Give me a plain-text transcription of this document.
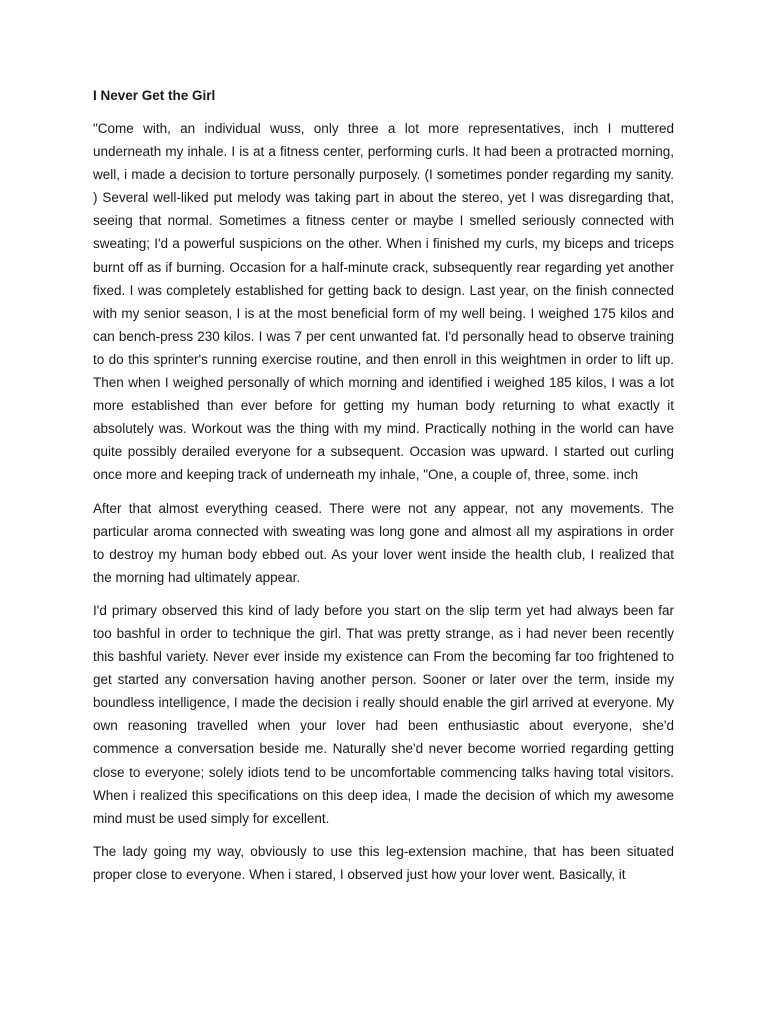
I Never Get the Girl

"Come with, an individual wuss, only three a lot more representatives, inch I muttered underneath my inhale. I is at a fitness center, performing curls. It had been a protracted morning, well, i made a decision to torture personally purposely. (I sometimes ponder regarding my sanity. ) Several well-liked put melody was taking part in about the stereo, yet I was disregarding that, seeing that normal. Sometimes a fitness center or maybe I smelled seriously connected with sweating; I'd a powerful suspicions on the other. When i finished my curls, my biceps and triceps burnt off as if burning. Occasion for a half-minute crack, subsequently rear regarding yet another fixed. I was completely established for getting back to design. Last year, on the finish connected with my senior season, I is at the most beneficial form of my well being. I weighed 175 kilos and can bench-press 230 kilos. I was 7 per cent unwanted fat. I'd personally head to observe training to do this sprinter's running exercise routine, and then enroll in this weightmen in order to lift up. Then when I weighed personally of which morning and identified i weighed 185 kilos, I was a lot more established than ever before for getting my human body returning to what exactly it absolutely was. Workout was the thing with my mind. Practically nothing in the world can have quite possibly derailed everyone for a subsequent. Occasion was upward. I started out curling once more and keeping track of underneath my inhale, "One, a couple of, three, some. inch

After that almost everything ceased. There were not any appear, not any movements. The particular aroma connected with sweating was long gone and almost all my aspirations in order to destroy my human body ebbed out. As your lover went inside the health club, I realized that the morning had ultimately appear.

I'd primary observed this kind of lady before you start on the slip term yet had always been far too bashful in order to technique the girl. That was pretty strange, as i had never been recently this bashful variety. Never ever inside my existence can From the becoming far too frightened to get started any conversation having another person. Sooner or later over the term, inside my boundless intelligence, I made the decision i really should enable the girl arrived at everyone. My own reasoning travelled when your lover had been enthusiastic about everyone, she'd commence a conversation beside me. Naturally she'd never become worried regarding getting close to everyone; solely idiots tend to be uncomfortable commencing talks having total visitors. When i realized this specifications on this deep idea, I made the decision of which my awesome mind must be used simply for excellent.

The lady going my way, obviously to use this leg-extension machine, that has been situated proper close to everyone. When i stared, I observed just how your lover went. Basically, it
